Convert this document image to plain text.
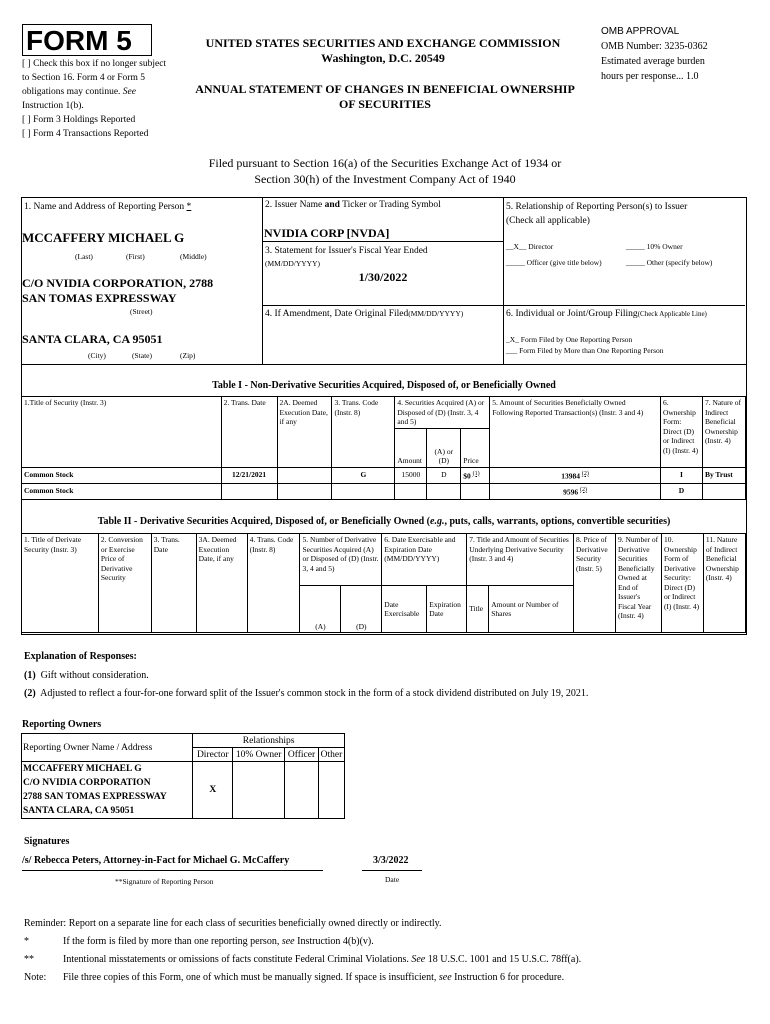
FORM 5
[ ] Check this box if no longer subject to Section 16. Form 4 or Form 5 obligations may continue. See Instruction 1(b).
[ ] Form 3 Holdings Reported
[ ] Form 4 Transactions Reported
UNITED STATES SECURITIES AND EXCHANGE COMMISSION
Washington, D.C. 20549
ANNUAL STATEMENT OF CHANGES IN BENEFICIAL OWNERSHIP
OF SECURITIES
OMB APPROVAL
OMB Number: 3235-0362
Estimated average burden
hours per response... 1.0
Filed pursuant to Section 16(a) of the Securities Exchange Act of 1934 or
Section 30(h) of the Investment Company Act of 1940
1. Name and Address of Reporting Person *
MCCAFFERY MICHAEL G
(Last)	(First)	(Middle)
C/O NVIDIA CORPORATION, 2788
SAN TOMAS EXPRESSWAY
(Street)
SANTA CLARA, CA 95051
(City)	(State)	(Zip)
2. Issuer Name and Ticker or Trading Symbol
NVIDIA CORP [NVDA]
3. Statement for Issuer's Fiscal Year Ended
(MM/DD/YYYY)
1/30/2022
4. If Amendment, Date Original Filed(MM/DD/YYYY)
5. Relationship of Reporting Person(s) to Issuer
(Check all applicable)
__X__ Director	_____ 10% Owner
_____ Officer (give title below)	_____ Other (specify below)
6. Individual or Joint/Group Filing(Check Applicable Line)
_X_ Form Filed by One Reporting Person
___ Form Filed by More than One Reporting Person
Table I - Non-Derivative Securities Acquired, Disposed of, or Beneficially Owned
1.Title of Security (Instr. 3)	2. Trans. Date	2A. Deemed Execution Date, if any	3. Trans. Code (Instr. 8)	4. Securities Acquired (A) or Disposed of (D) (Instr. 3, 4 and 5)			5. Amount of Securities Beneficially Owned Following Reported Transaction(s) (Instr. 3 and 4)	6. Ownership Form: Direct (D) or Indirect (I) (Instr. 4)	7. Nature of Indirect Beneficial Ownership (Instr. 4)
				Amount	(A) or (D)	Price			
Common Stock	12/21/2021		G	15000	D	$0 $^{(1)}$	13984 $^{(2)}$	I	By Trust
Common Stock							9596 $^{(2)}$	D	
Table II - Derivative Securities Acquired, Disposed of, or Beneficially Owned (e.g., puts, calls, warrants, options, convertible securities)
1. Title of Derivate Security (Instr. 3)	2. Conversion or Exercise Price of Derivative Security	3. Trans. Date	3A. Deemed Execution Date, if any	4. Trans. Code (Instr. 8)	5. Number of Derivative Securities Acquired (A) or Disposed of (D) (Instr. 3, 4 and 5)		6. Date Exercisable and Expiration Date (MM/DD/YYYY)		7. Title and Amount of Securities Underlying Derivative Security (Instr. 3 and 4)		8. Price of Derivative Security (Instr. 5)	9. Number of Derivative Securities Beneficially Owned at End of Issuer's Fiscal Year (Instr. 4)	10. Ownership Form of Derivative Security: Direct (D) or Indirect (I) (Instr. 4)	11. Nature of Indirect Beneficial Ownership (Instr. 4)
					(A)	(D)	Date Exercisable	Expiration Date	Title	Amount or Number of Shares				
Explanation of Responses:
(1) Gift without consideration.
(2) Adjusted to reflect a four-for-one forward split of the Issuer's common stock in the form of a stock dividend distributed on July 19, 2021.
Reporting Owners
Reporting Owner Name / Address	Relationships			
	Director	10% Owner	Officer	Other

MCCAFFERY MICHAEL G
C/O NVIDIA CORPORATION
2788 SAN TOMAS EXPRESSWAY
SANTA CLARA, CA 95051	X			
Signatures
/s/ Rebecca Peters, Attorney-in-Fact for Michael G. McCaffery	3/3/2022
**Signature of Reporting Person	Date
Reminder: Report on a separate line for each class of securities beneficially owned directly or indirectly.
*	If the form is filed by more than one reporting person, see Instruction 4(b)(v).
**	Intentional misstatements or omissions of facts constitute Federal Criminal Violations. See 18 U.S.C. 1001 and 15 U.S.C. 78ff(a).
Note: File three copies of this Form, one of which must be manually signed. If space is insufficient, see Instruction 6 for procedure.
